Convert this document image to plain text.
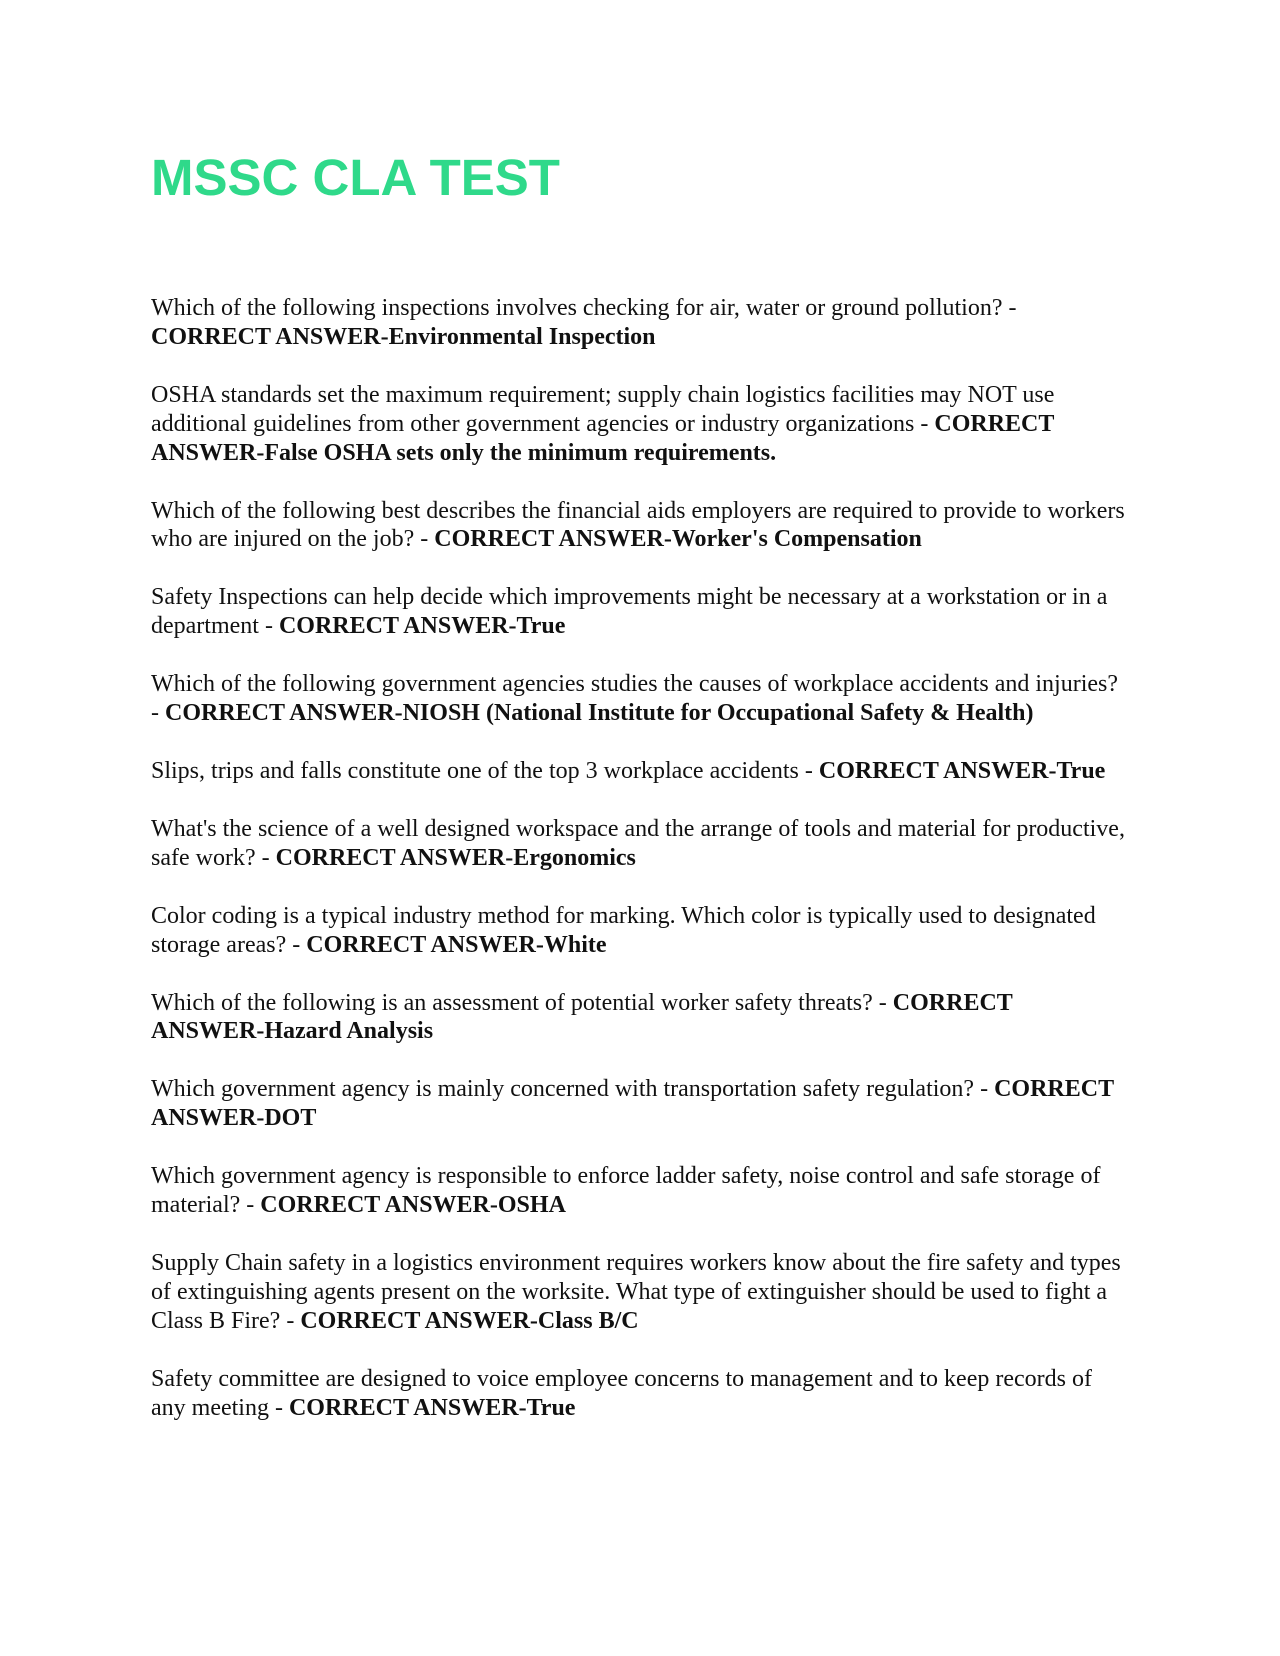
MSSC CLA TEST

Which of the following inspections involves checking for air, water or ground pollution? - CORRECT ANSWER-Environmental Inspection

OSHA standards set the maximum requirement; supply chain logistics facilities may NOT use additional guidelines from other government agencies or industry organizations - CORRECT ANSWER-False OSHA sets only the minimum requirements.

Which of the following best describes the financial aids employers are required to provide to workers who are injured on the job? - CORRECT ANSWER-Worker's Compensation

Safety Inspections can help decide which improvements might be necessary at a workstation or in a department - CORRECT ANSWER-True

Which of the following government agencies studies the causes of workplace accidents and injuries? - CORRECT ANSWER-NIOSH (National Institute for Occupational Safety & Health)

Slips, trips and falls constitute one of the top 3 workplace accidents - CORRECT ANSWER-True

What's the science of a well designed workspace and the arrange of tools and material for productive, safe work? - CORRECT ANSWER-Ergonomics

Color coding is a typical industry method for marking. Which color is typically used to designated storage areas? - CORRECT ANSWER-White

Which of the following is an assessment of potential worker safety threats? - CORRECT ANSWER-Hazard Analysis

Which government agency is mainly concerned with transportation safety regulation? - CORRECT ANSWER-DOT

Which government agency is responsible to enforce ladder safety, noise control and safe storage of material? - CORRECT ANSWER-OSHA

Supply Chain safety in a logistics environment requires workers know about the fire safety and types of extinguishing agents present on the worksite. What type of extinguisher should be used to fight a Class B Fire? - CORRECT ANSWER-Class B/C

Safety committee are designed to voice employee concerns to management and to keep records of any meeting - CORRECT ANSWER-True
